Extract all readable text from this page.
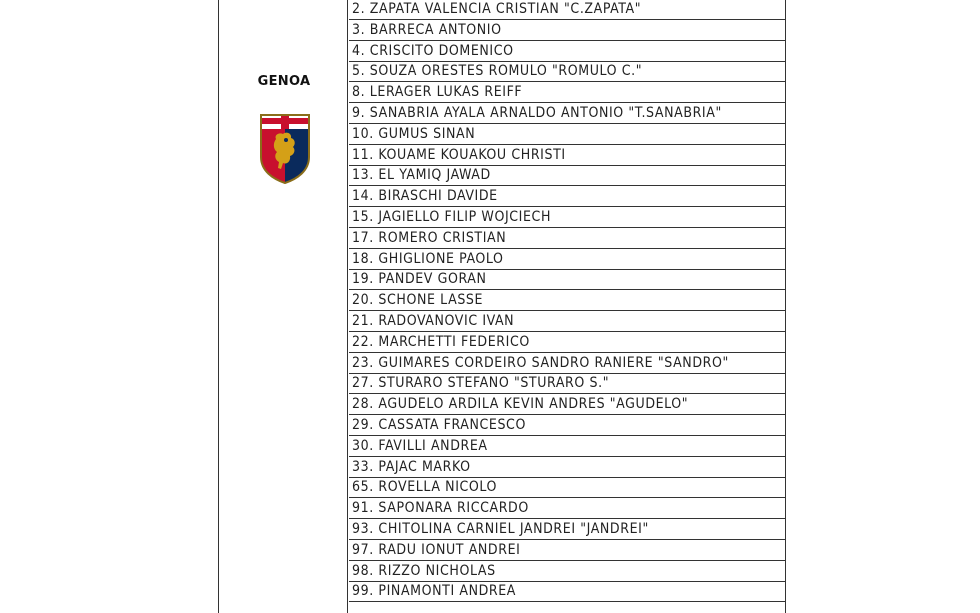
GENOA
2. ZAPATA VALENCIA CRISTIAN "C.ZAPATA"
3. BARRECA ANTONIO
4. CRISCITO DOMENICO
5. SOUZA ORESTES ROMULO "ROMULO C."
8. LERAGER LUKAS REIFF
9. SANABRIA AYALA ARNALDO ANTONIO "T.SANABRIA"
10. GUMUS SINAN
11. KOUAME KOUAKOU CHRISTI
13. EL YAMIQ JAWAD
14. BIRASCHI DAVIDE
15. JAGIELLO FILIP WOJCIECH
17. ROMERO CRISTIAN
18. GHIGLIONE PAOLO
19. PANDEV GORAN
20. SCHONE LASSE
21. RADOVANOVIC IVAN
22. MARCHETTI FEDERICO
23. GUIMARES CORDEIRO SANDRO RANIERE "SANDRO"
27. STURARO STEFANO "STURARO S."
28. AGUDELO ARDILA KEVIN ANDRES "AGUDELO"
29. CASSATA FRANCESCO
30. FAVILLI ANDREA
33. PAJAC MARKO
65. ROVELLA NICOLO
91. SAPONARA RICCARDO
93. CHITOLINA CARNIEL JANDREI "JANDREI"
97. RADU IONUT ANDREI
98. RIZZO NICHOLAS
99. PINAMONTI ANDREA
